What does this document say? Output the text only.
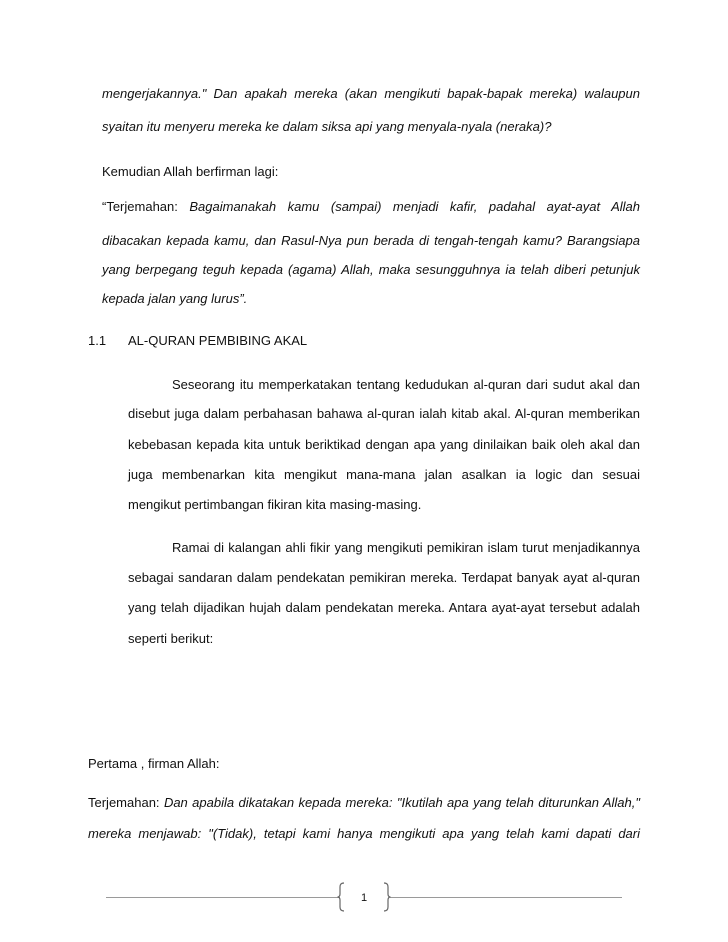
mengerjakannya." Dan apakah mereka (akan mengikuti bapak-bapak mereka) walaupun
syaitan itu menyeru mereka ke dalam siksa api yang menyala-nyala (neraka)?
Kemudian Allah berfirman lagi:
“Terjemahan: Bagaimanakah kamu (sampai) menjadi kafir, padahal ayat-ayat Allah
dibacakan kepada kamu, dan Rasul-Nya pun berada di tengah-tengah kamu? Barangsiapa
yang berpegang teguh kepada (agama) Allah, maka sesungguhnya ia telah diberi petunjuk
kepada jalan yang lurus”.
1.1 AL-QURAN PEMBIBING AKAL
Seseorang itu memperkatakan tentang kedudukan al-quran dari sudut akal dan
disebut juga dalam perbahasan bahawa al-quran ialah kitab akal. Al-quran memberikan
kebebasan kepada kita untuk beriktikad dengan apa yang dinilaikan baik oleh akal dan
juga membenarkan kita mengikut mana-mana jalan asalkan ia logic dan sesuai
mengikut pertimbangan fikiran kita masing-masing.
Ramai di kalangan ahli fikir yang mengikuti pemikiran islam turut menjadikannya
sebagai sandaran dalam pendekatan pemikiran mereka. Terdapat banyak ayat al-quran
yang telah dijadikan hujah dalam pendekatan mereka. Antara ayat-ayat tersebut adalah
seperti berikut:
Pertama , firman Allah:
Terjemahan: Dan apabila dikatakan kepada mereka: "Ikutilah apa yang telah diturunkan Allah,"
mereka menjawab: "(Tidak), tetapi kami hanya mengikuti apa yang telah kami dapati dari
1
